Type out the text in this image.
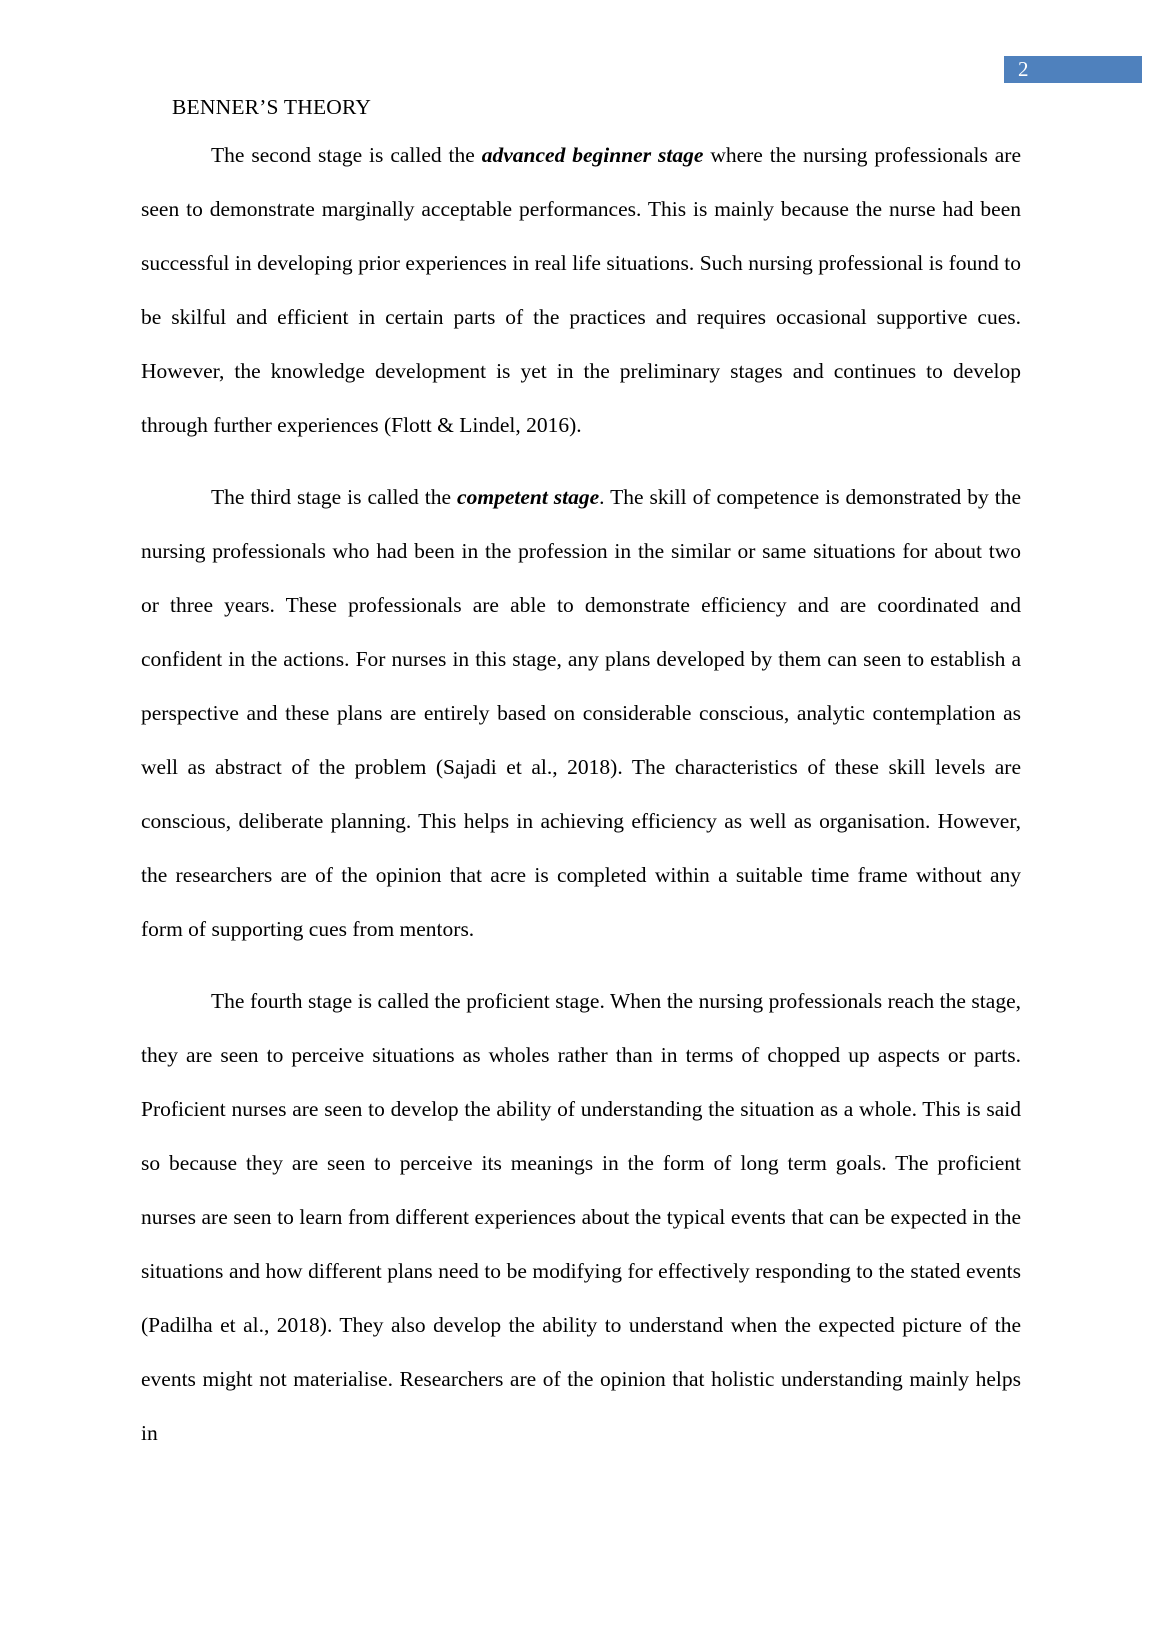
2
BENNER’S THEORY

The second stage is called the advanced beginner stage where the nursing professionals are seen to demonstrate marginally acceptable performances. This is mainly because the nurse had been successful in developing prior experiences in real life situations. Such nursing professional is found to be skilful and efficient in certain parts of the practices and requires occasional supportive cues. However, the knowledge development is yet in the preliminary stages and continues to develop through further experiences (Flott & Lindel, 2016).

The third stage is called the competent stage. The skill of competence is demonstrated by the nursing professionals who had been in the profession in the similar or same situations for about two or three years. These professionals are able to demonstrate efficiency and are coordinated and confident in the actions. For nurses in this stage, any plans developed by them can seen to establish a perspective and these plans are entirely based on considerable conscious, analytic contemplation as well as abstract of the problem (Sajadi et al., 2018). The characteristics of these skill levels are conscious, deliberate planning. This helps in achieving efficiency as well as organisation. However, the researchers are of the opinion that acre is completed within a suitable time frame without any form of supporting cues from mentors.

The fourth stage is called the proficient stage. When the nursing professionals reach the stage, they are seen to perceive situations as wholes rather than in terms of chopped up aspects or parts. Proficient nurses are seen to develop the ability of understanding the situation as a whole. This is said so because they are seen to perceive its meanings in the form of long term goals. The proficient nurses are seen to learn from different experiences about the typical events that can be expected in the situations and how different plans need to be modifying for effectively responding to the stated events (Padilha et al., 2018). They also develop the ability to understand when the expected picture of the events might not materialise. Researchers are of the opinion that holistic understanding mainly helps in
